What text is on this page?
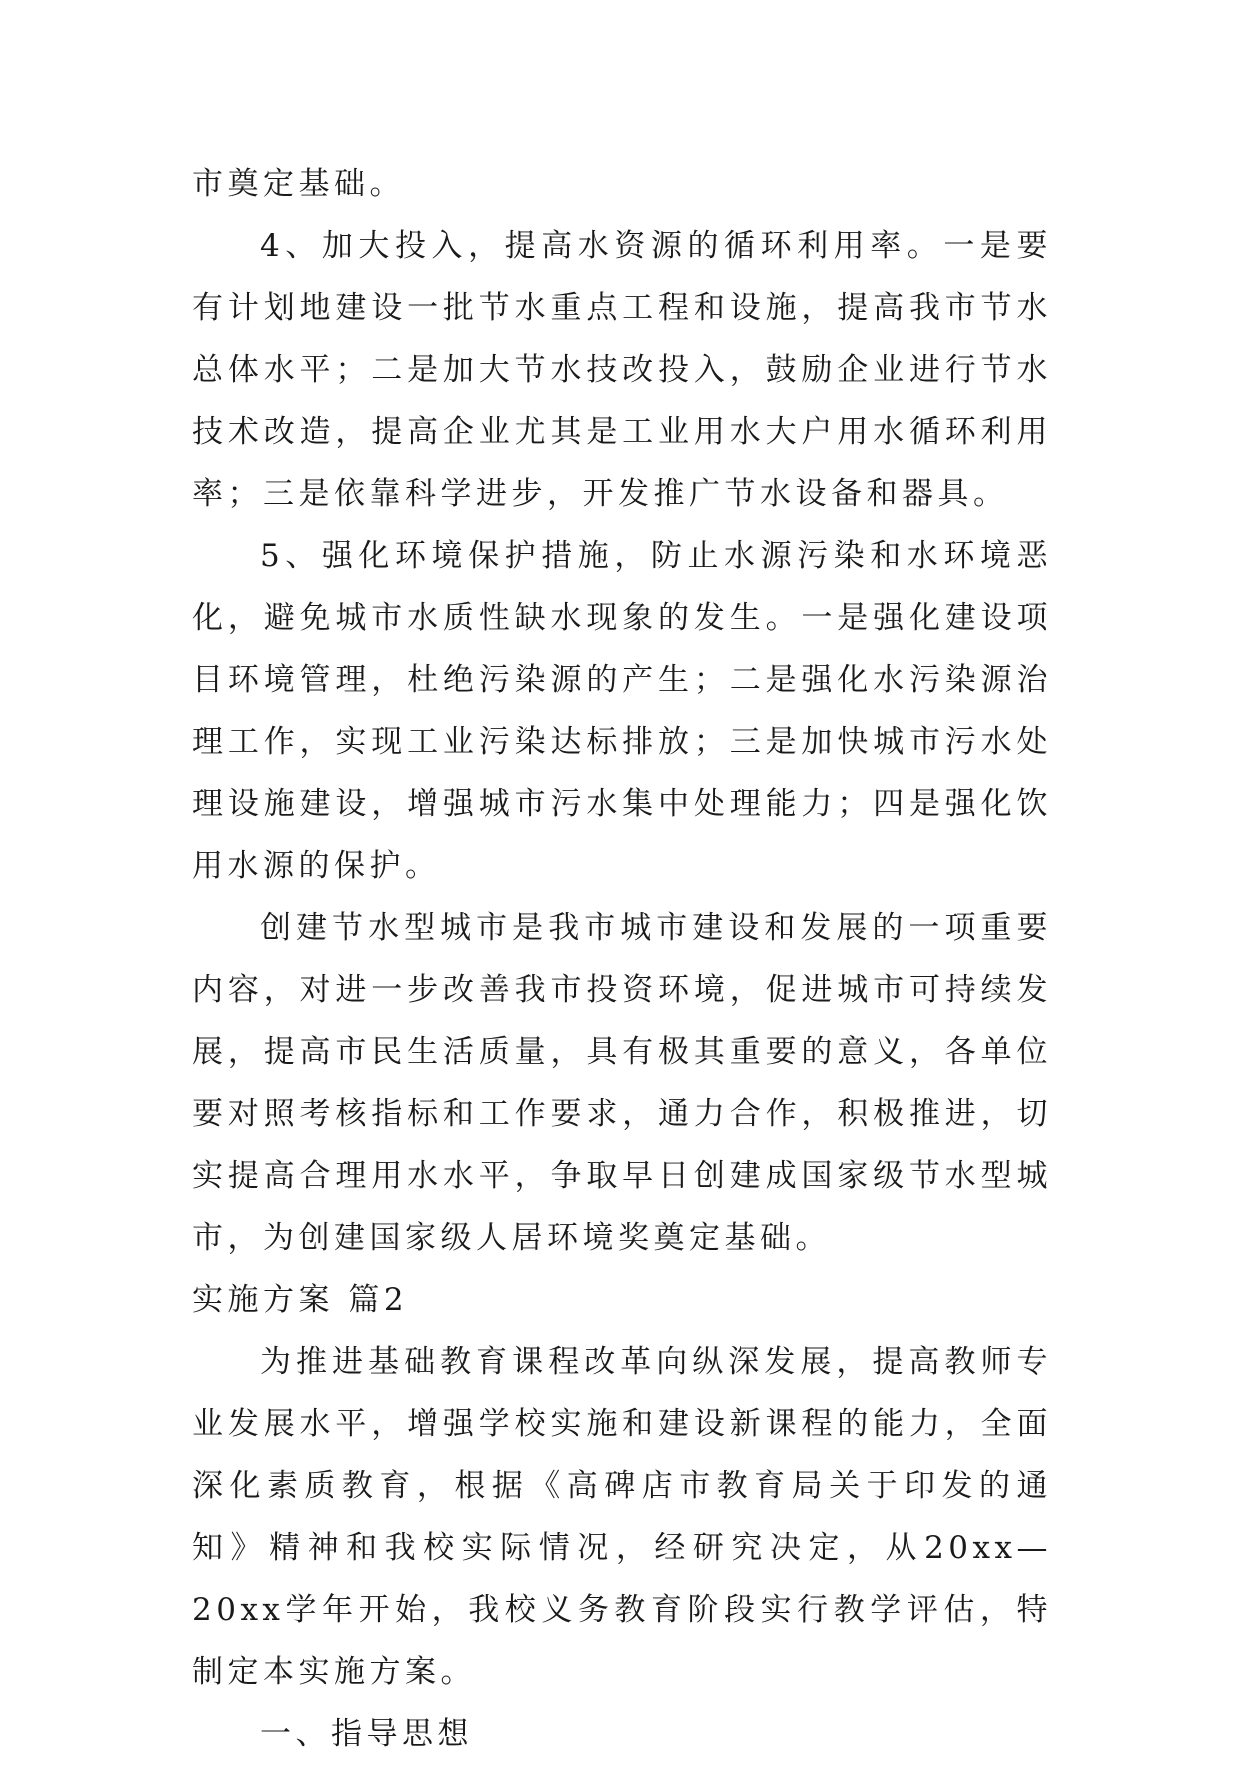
市奠定基础。

4、加大投入，提高水资源的循环利用率。一是要有计划地建设一批节水重点工程和设施，提高我市节水总体水平；二是加大节水技改投入，鼓励企业进行节水技术改造，提高企业尤其是工业用水大户用水循环利用率；三是依靠科学进步，开发推广节水设备和器具。

5、强化环境保护措施，防止水源污染和水环境恶化，避免城市水质性缺水现象的发生。一是强化建设项目环境管理，杜绝污染源的产生；二是强化水污染源治理工作，实现工业污染达标排放；三是加快城市污水处理设施建设，增强城市污水集中处理能力；四是强化饮用水源的保护。

创建节水型城市是我市城市建设和发展的一项重要内容，对进一步改善我市投资环境，促进城市可持续发展，提高市民生活质量，具有极其重要的意义，各单位要对照考核指标和工作要求，通力合作，积极推进，切实提高合理用水水平，争取早日创建成国家级节水型城市，为创建国家级人居环境奖奠定基础。

实施方案 篇2

为推进基础教育课程改革向纵深发展，提高教师专业发展水平，增强学校实施和建设新课程的能力，全面深化素质教育，根据《高碑店市教育局关于印发的通知》精神和我校实际情况，经研究决定，从20xx—20xx学年开始，我校义务教育阶段实行教学评估，特制定本实施方案。

一、指导思想
